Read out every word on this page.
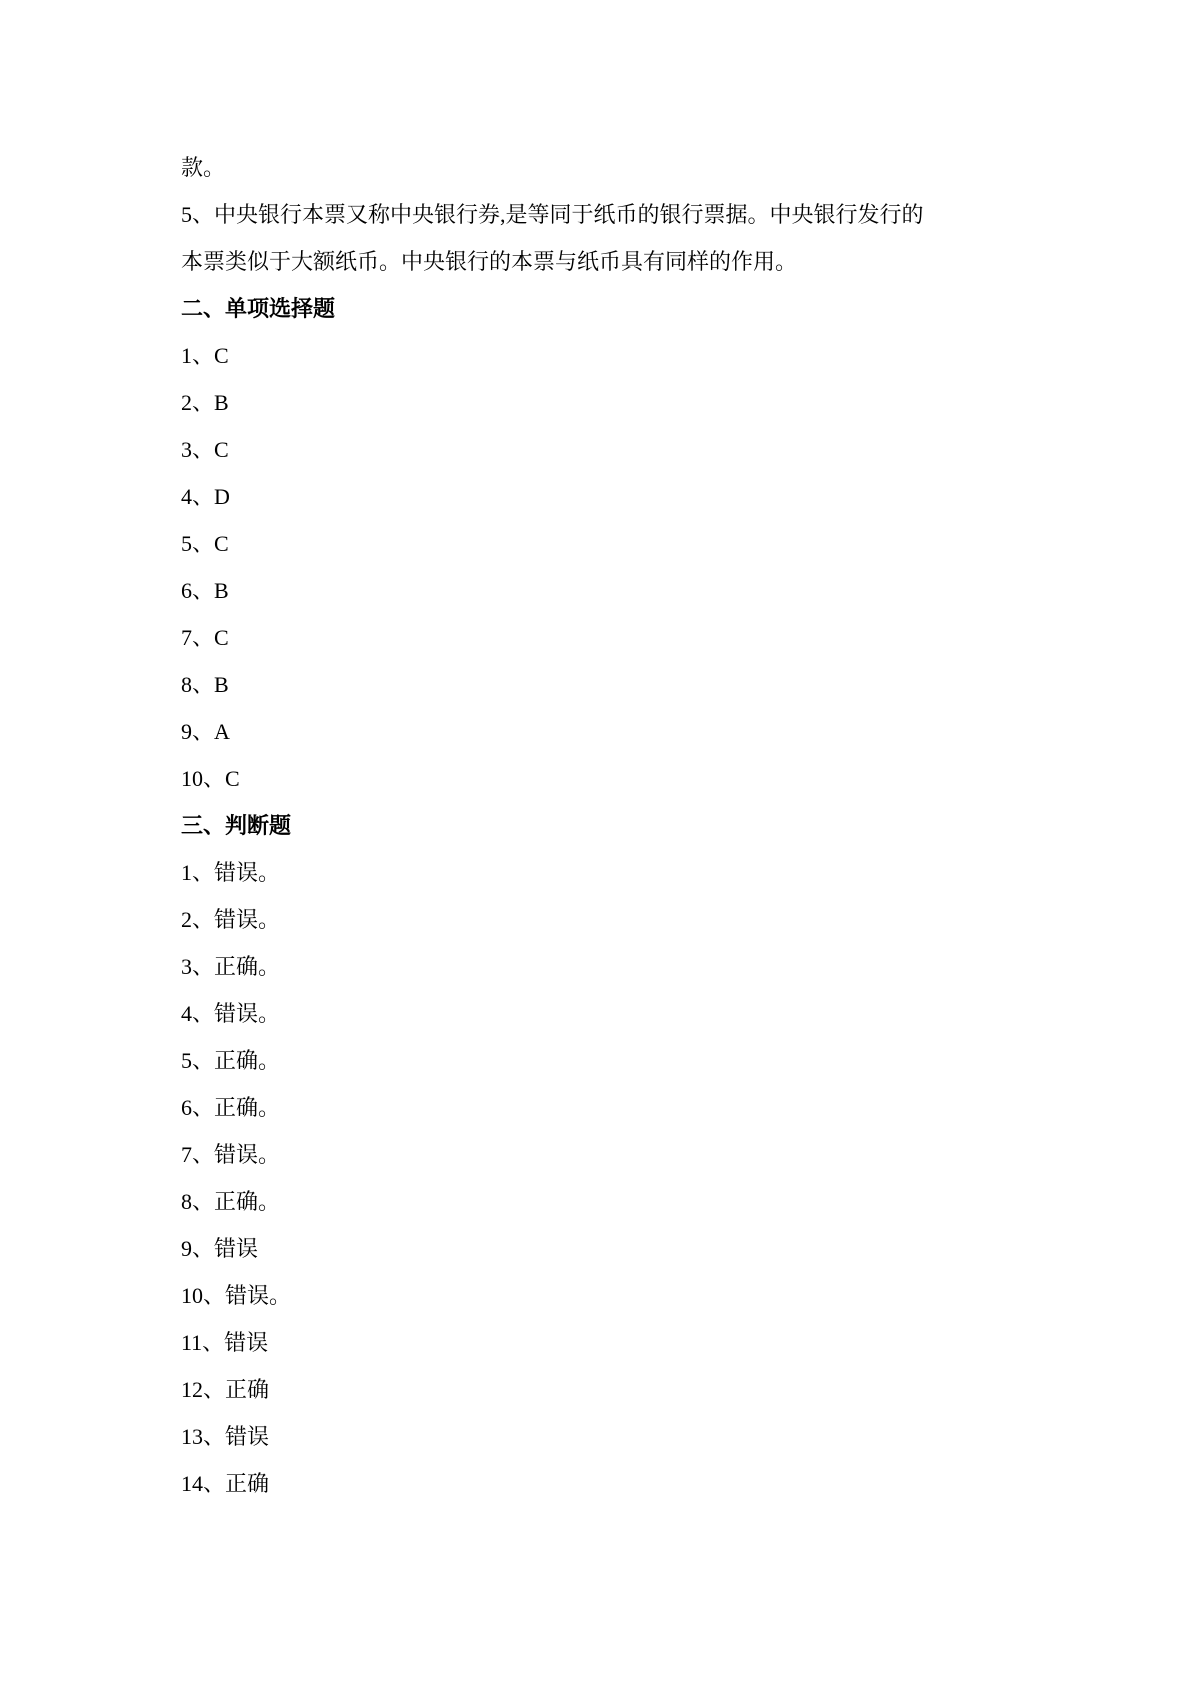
款。
5、中央银行本票又称中央银行券,是等同于纸币的银行票据。中央银行发行的
本票类似于大额纸币。中央银行的本票与纸币具有同样的作用。
二、单项选择题
1、C
2、B
3、C
4、D
5、C
6、B
7、C
8、B
9、A
10、C
三、判断题
1、错误。
2、错误。
3、正确。
4、错误。
5、正确。
6、正确。
7、错误。
8、正确。
9、错误
10、错误。
11、错误
12、正确
13、错误
14、正确
